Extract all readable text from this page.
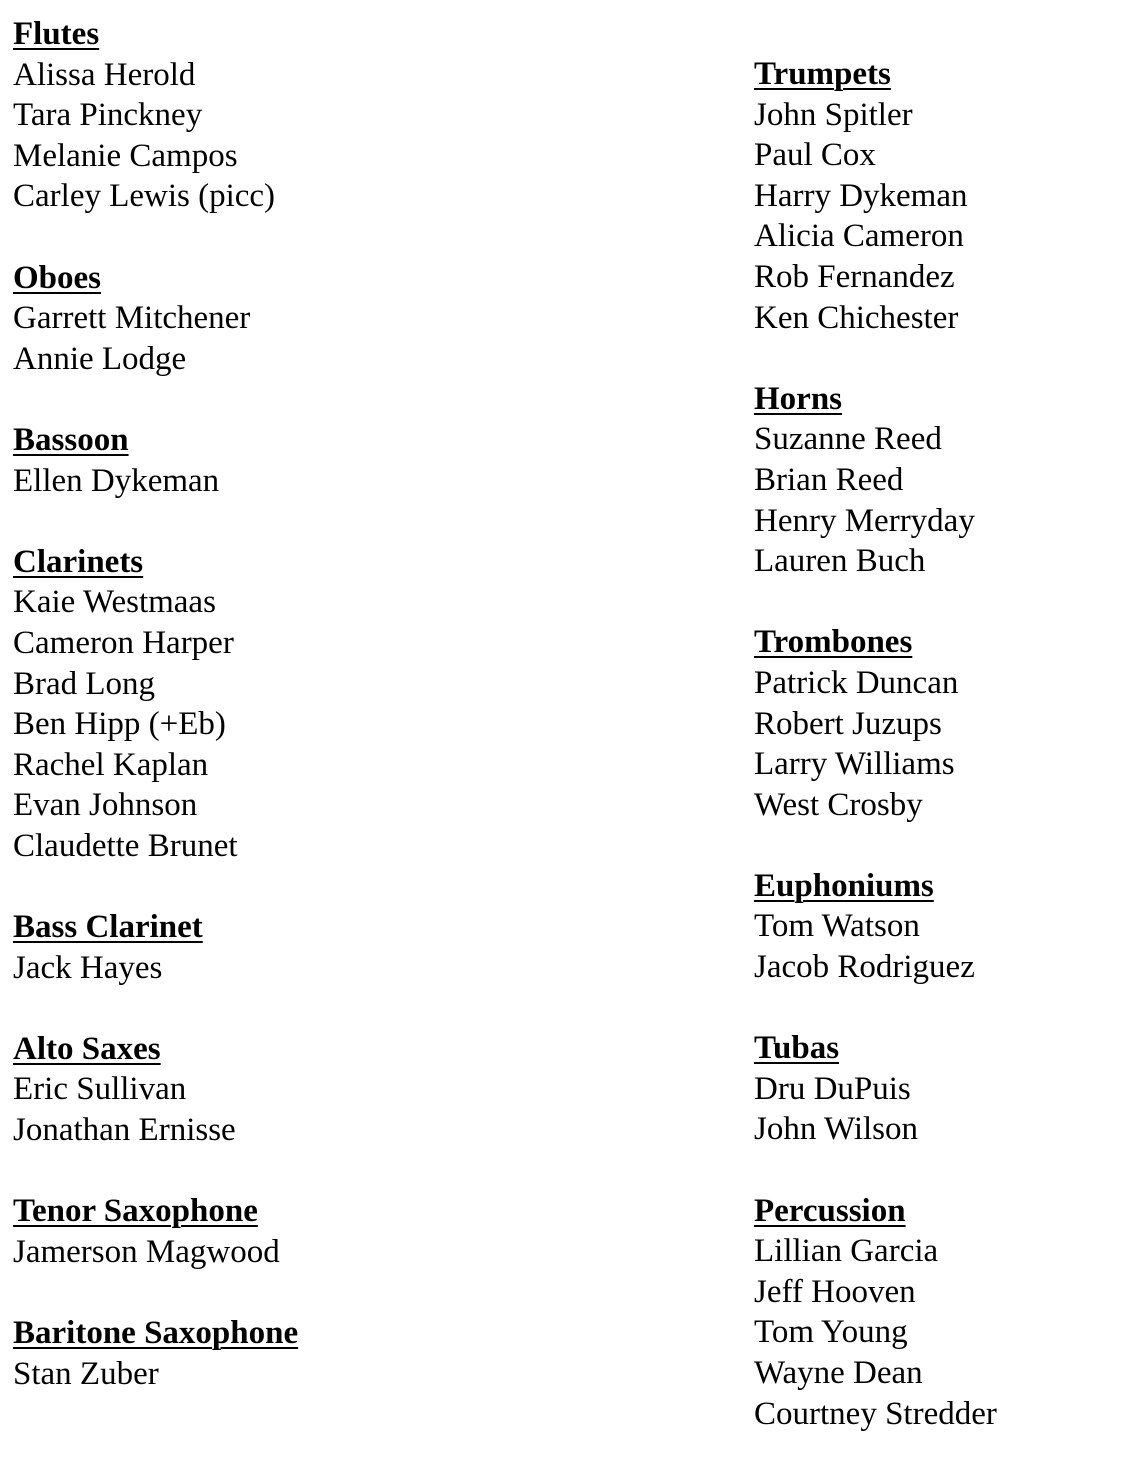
Flutes
Alissa Herold
Tara Pinckney
Melanie Campos
Carley Lewis (picc)
Oboes
Garrett Mitchener
Annie Lodge
Bassoon
Ellen Dykeman
Clarinets
Kaie Westmaas
Cameron Harper
Brad Long
Ben Hipp (+Eb)
Rachel Kaplan
Evan Johnson
Claudette Brunet
Bass Clarinet
Jack Hayes
Alto Saxes
Eric Sullivan
Jonathan Ernisse
Tenor Saxophone
Jamerson Magwood
Baritone Saxophone
Stan Zuber
Trumpets
John Spitler
Paul Cox
Harry Dykeman
Alicia Cameron
Rob Fernandez
Ken Chichester
Horns
Suzanne Reed
Brian Reed
Henry Merryday
Lauren Buch
Trombones
Patrick Duncan
Robert Juzups
Larry Williams
West Crosby
Euphoniums
Tom Watson
Jacob Rodriguez
Tubas
Dru DuPuis
John Wilson
Percussion
Lillian Garcia
Jeff Hooven
Tom Young
Wayne Dean
Courtney Stredder
